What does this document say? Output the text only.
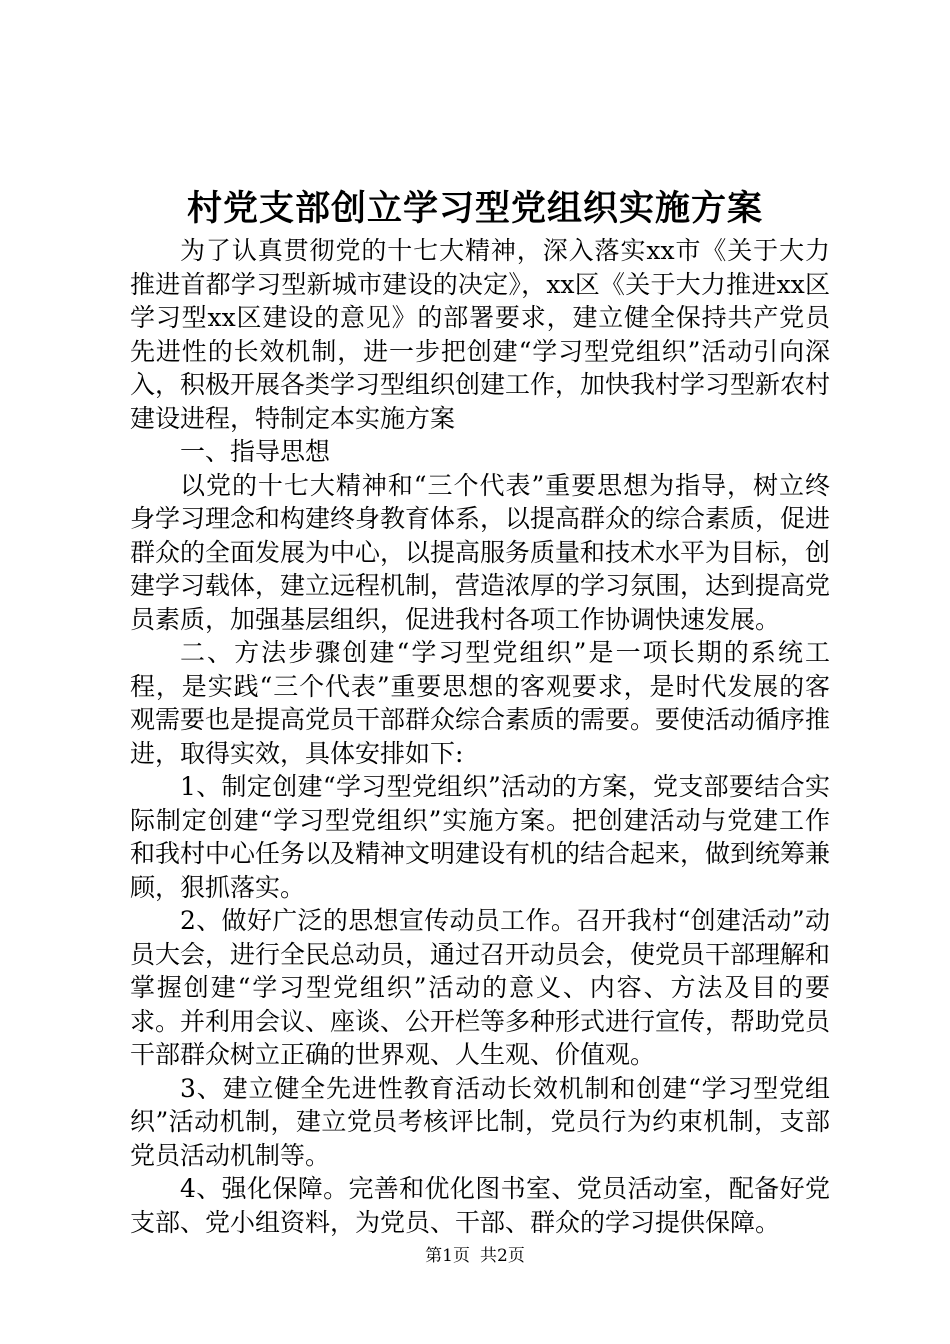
村党支部创立学习型党组织实施方案

为了认真贯彻党的十七大精神，深入落实xx市《关于大力推进首都学习型新城市建设的决定》，xx区《关于大力推进xx区学习型xx区建设的意见》的部署要求，建立健全保持共产党员先进性的长效机制，进一步把创建“学习型党组织”活动引向深入，积极开展各类学习型组织创建工作，加快我村学习型新农村建设进程，特制定本实施方案

一、指导思想

以党的十七大精神和“三个代表”重要思想为指导，树立终身学习理念和构建终身教育体系，以提高群众的综合素质，促进群众的全面发展为中心，以提高服务质量和技术水平为目标，创建学习载体，建立远程机制，营造浓厚的学习氛围，达到提高党员素质，加强基层组织，促进我村各项工作协调快速发展。

二、方法步骤创建“学习型党组织”是一项长期的系统工程，是实践“三个代表”重要思想的客观要求，是时代发展的客观需要也是提高党员干部群众综合素质的需要。要使活动循序推进，取得实效，具体安排如下:

1、制定创建“学习型党组织”活动的方案，党支部要结合实际制定创建“学习型党组织”实施方案。把创建活动与党建工作和我村中心任务以及精神文明建设有机的结合起来，做到统筹兼顾，狠抓落实。

2、做好广泛的思想宣传动员工作。召开我村“创建活动”动员大会，进行全民总动员，通过召开动员会，使党员干部理解和掌握创建“学习型党组织”活动的意义、内容、方法及目的要求。并利用会议、座谈、公开栏等多种形式进行宣传，帮助党员干部群众树立正确的世界观、人生观、价值观。

3、建立健全先进性教育活动长效机制和创建“学习型党组织”活动机制，建立党员考核评比制，党员行为约束机制，支部党员活动机制等。

4、强化保障。完善和优化图书室、党员活动室，配备好党支部、党小组资料，为党员、干部、群众的学习提供保障。

第1页 共2页
